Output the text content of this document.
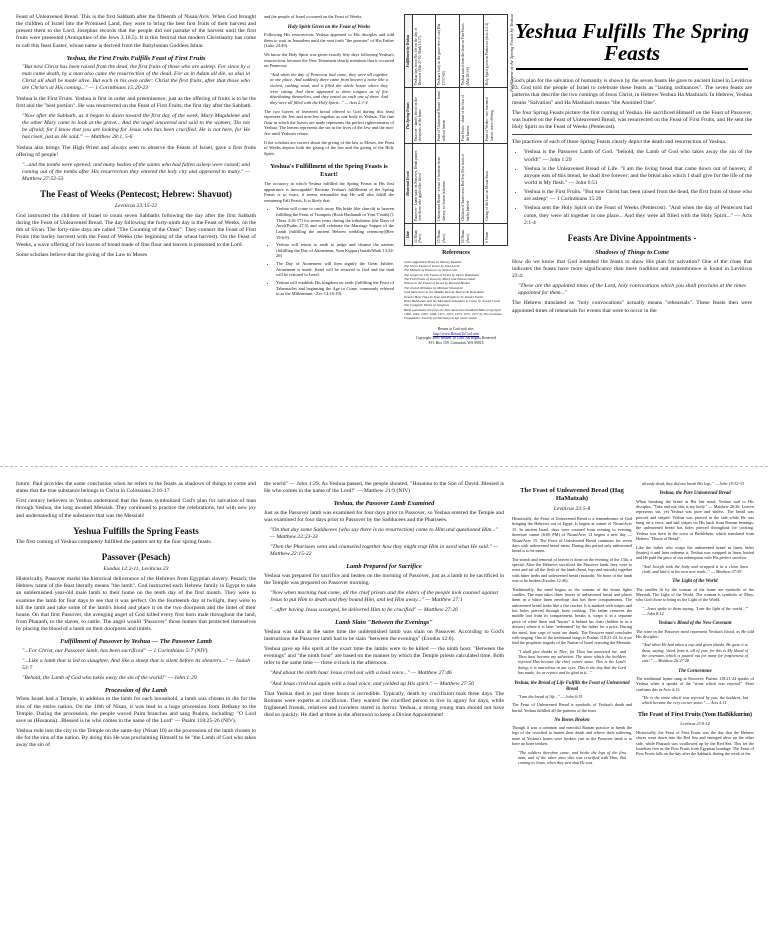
Feast of Unleavened Bread. This is the first Sabbath after the fifteenth of Nisan/Aviv. When God brought the children of Israel into the Promised Land, they were to bring the best first fruits of their harvest and present them to the Lord. Josephus records that the people did not partake of the harvest until the first fruits were presented (Antiquities of the Jews 3.10.5). It is this festival that modern Christianity has come to call this feast Easter, whose name is derived from the Babylonian Goddess Ishtar.

Yeshua, the First Fruits Fulfills Feast of First Fruits

"But now Christ has been raised from the dead, the first fruits of those who are asleep. For since by a man came death, by a man also came the resurrection of the dead. For as in Adam all die, so also in Christ all shall be made alive. But each in his own order: Christ the first fruits, after that those who are Christ's at His coming..." — 1 Corinthians 15:20-23

Yeshua is the First Fruits. Yeshua is first in order and preeminence, just as the offering of fruits is to be the first and the "best portion". He was resurrected on the Feast of First Fruits, the first day after the Sabbath.

"Now after the Sabbath, as it began to dawn toward the first day of the week, Mary Magdalene and the other Mary came to look at the grave... And the angel answered and said to the women, 'Do not be afraid; for I know that you are looking for Jesus who has been crucified. He is not here, for He has risen, just as He said.'" — Matthew 28:1, 5-6

Yeshua also brings The High Priest and always seen to observe the Feasts of Israel, gave a first fruits offering of people!

"...and the tombs were opened; and many bodies of the saints who had fallen asleep were raised; and coming out of the tombs after His resurrection they entered the holy city and appeared to many." — Matthew 27:52-53

The Feast of Weeks (Pentecost; Hebrew: Shavuot)
Leviticus 23:15-22

God instructed the children of Israel to count seven Sabbaths following the day after the first Sabbath during the Feast of Unleavened Bread. The day following the forty-ninth day is the Feast of Weeks, on the 6th of Sivan. The forty-nine days are called "The Counting of the Omer". They connect the Feast of First Fruits (the barley harvest) with the Feast of Weeks (the beginning of the wheat harvest). On the Feast of Weeks, a wave offering of two loaves of bread made of fine flour and leaven is presented to the Lord.

Some scholars believe that the giving of the Law to Moses

and the people of Israel occurred on the Feast of Weeks.

Holy Spirit Given on the Feast of Weeks

Following His resurrection, Yeshua appeared to His disciples and told them to wait in Jerusalem until the sent forth "the promise" of His Father (Luke 24:49).

We know the Holy Spirit was given exactly fifty days following Yeshua's resurrection, because the New Testament clearly mentions that it occurred on Pentecost:

"And when the day of Pentecost had come, they were all together in one place. And suddenly there came from heaven a noise like a violent, rushing wind, and it filled the whole house where they were sitting. And there appeared to them tongues as of fire distributing themselves, and they rested on each one of them. And they were all filled with the Holy Spirit..." — Acts 2:1-4

The two loaves of leavened bread offered to God during this feast represent the Jew and non-Jew together as one body in Yeshua. The fine flour in which the loaves are made represents the perfect righteousness of Yeshua. The leaven represents the sin in the lives of the Jew and the non-Jew until Yeshua's return.

If the scholars are correct about the giving of the law to Moses, the Feast of Weeks depicts both the giving of the law and the giving of the Holy Spirit.

Yeshua's Fulfillment of the Spring Feasts is Exact!

The accuracy in which Yeshua fulfilled the Spring Feasts at His first appearance is inescapable! Because Yeshua's fulfillment of the Spring Feasts is so exact, it seems reasonable that He will also fulfill the remaining Fall Feasts. It is likely that:

• Yeshua will come to catch away His bride (the church) to heaven fulfilling the Feast of Trumpets (Rosh Hashanah or Yom T'ruah) (1 Thess 4:16-17) for seven years during the tribulation (the Days of Awe)(Psalm 27:5) and will celebrate the Marriage Supper of the Lamb (fulfilling the ancient Hebrew wedding ceremony)(Rev 19:6-9).
• Yeshua will return to earth to judge and cleanse the nations (fulfilling the Day of Atonement, Yom Kippur) Isaiah/Mark 13:24-26)
• The Day of Atonement will then signify the Great Jubilee. Atonement is made. Israel will be restored to God and the land will be restored to Israel.
• Yeshua will establish His kingdom on earth (fulfilling the Feast of Tabernacles and beginning the Age to Come, commonly referred to as the Millennium - Zec 14:16-19).
Fulfillment of the Spring Feasts by Yeshua
Date	Historical Event	The Spring Feasts	Fulfillment by Yeshua
14 Nisan (Aviv)	Passover - Lamb slain on Passover, Death passes over those who applied the blood	Passover - lamb's blood on the doorposts of the home	Yeshua lays down His life on the day of Passover (Mat 27:50, Mark 15:37)
15 Nisan (Aviv)	Unleavened Bread - a feast of freedom from slavery, no leaven in homes	Feast of Unleavened Bread - bread without leaven	Yeshua's body in the grave free of sin (Mat 27:57-60)
16 Nisan (Aviv)	Children of Israel cross Red Sea; First fruits of barley harvest	First Fruits - sheaf of the first of the harvest	Yeshua raised from the dead on First Fruits (Mat 28:1-6)
6 Sivan	Giving of the Law on Mount Sinai	Feast of Weeks - two leavened loaves, wave offering	Holy Spirit given on Pentecost (Acts 2:1-4)
References
God's Appointed Times by Barney Kasdan
The Seven Feasts of Israel by Zola Levitt
The Miracle of Passover by Zola Levitt
The Gospel in The Feasts of Israel by Victor Buksbazen
The Fall Feasts of Israel by Mitch and Zhava Glaser
Yeshua in the Feasts of Israel by Richard Booker
The Jewish Holidays by Michael Strassfeld
God Intervenes in the Middle East by Marvin R. Rosenthal
Israel's Holy Days In Type and Prophecy by Daniel Fuchs
Rosh HaShanah and the Messianic Kingdom to Come by Joseph Good
The Complete Works of Josephus
Bible quotations are from the New American Standard Bible (copyright 1960, 1962, 1963, 1968, 1971, 1972, 1973, 1975, 1977 by The Lockman Foundation. Used by permission) except where noted.
Return to God web site:
http://www.ReturnToGod.com
Copyright 2001 Return To God. All Rights Reserved
P.O. Box 159, Carnation, WA 98014
Yeshua Fulfills The Spring Feasts

God's plan for the salvation of humanity is shown by the seven feasts He gave to ancient Israel in Leviticus 23. God told the people of Israel to celebrate these feasts as "lasting ordinances". The seven feasts are patterns that describe the two comings of Jesus Christ, in Hebrew Yeshua Ha Mashiach. In Hebrew, Yeshua means "Salvation" and Ha Mashiach means "the Anointed One".

The four Spring Feasts picture the first coming of Yeshua. He sacrificed Himself on the Feast of Passover, was buried on the Feast of Unleavened Bread, was resurrected on the Feast of First Fruits, and He sent the Holy Spirit on the Feast of Weeks (Pentecost).

The practices of each of these Spring Feasts clearly depict the death and resurrection of Yeshua.

• Yeshua is the Passover Lamb of God. "behold, the Lamb of God who takes away the sin of the world!" — John 1:29
• Yeshua is the Unleavened Bread of Life. "I am the living bread that came down out of heaven; if anyone eats of this bread, he shall live forever; and the bread also which I shall give for the life of the world is My flesh." — John 6:51
• Yeshua is the First Fruits. "But now Christ has been raised from the dead, the first fruits of those who are asleep" — 1 Corinthians 15:20
• Yeshua sent the Holy Spirit on the Feast of Weeks (Pentecost). "And when the day of Pentecost had come, they were all together in one place... And they were all filled with the Holy Spirit..." — Acts 2:1-4
Feasts Are Divine Appointments -
Shadows of Things to Come

How do we know that God intended the feasts to show His plan for salvation? One of the clues that indicates the feasts have more significance than mere tradition and remembrance is found in Leviticus 23:4:

"These are the appointed times of the Lord, holy convocations which you shall proclaim at the times appointed for them..."

The Hebrew translated as "holy convocations" actually means "rehearsals". These feasts then were appointed times of rehearsals for events that were to occur in the

future. Paul provides the same conclusion when he refers to the feasts as shadows of things to come and states that the true substance belongs to Christ in Colossians 2:16-17.

First century believers in Yeshua understood that the feasts symbolized God's plan for salvation of man through Yeshua, the long awaited Messiah. They continued to practice the celebrations, but with new joy and understanding of the substance that was the Messiah!

Yeshua Fulfills the Spring Feasts

The first coming of Yeshua completely fulfilled the pattern set by the four spring feasts.

Passover (Pesach)
Exodus 12:2-11, Leviticus 23

Historically, Passover marks the historical deliverance of the Hebrews from Egyptian slavery. Pesach, the Hebrew name of the feast literally means "the lamb". God instructed each Hebrew family in Egypt to take an unblemished year-old male lamb to their home on the tenth day of the first month. They were to examine the lamb for four days to see that it was perfect. On the fourteenth day at twilight, they were to kill the lamb and take some of the lamb's blood and place it on the two doorposts and the lintel of their house. On that first Passover, the avenging angel of God killed every first born male throughout the land, from Pharaoh, to the slaves, to cattle. The angel would "Passover" those homes that protected themselves by placing the blood of a lamb on their doorposts and lintels.

Fulfillment of Passover by Yeshua — The Passover Lamb

"...For Christ, our Passover lamb, has been sacrificed" — 1 Corinthians 5:7 (NIV).

"...Like a lamb that is led to slaughter, And like a sheep that is silent before its shearers..." — Isaiah 53:7

"Behold, the Lamb of God who takes away the sin of the world!" — John 1:29

Procession of the Lamb

When Israel had a Temple, in addition to the lamb for each household, a lamb was chosen to die for the sins of the entire nation. On the 10th of Nisan, it was lead in a huge procession from Bethany to the Temple. During the procession, the people waved Palm branches and sang Psalms, including: "O Lord save us (Hosanna)...Blessed is he who comes in the name of the Lord" — Psalm 118:25-26 (NIV).

Yeshua rode into the city to the Temple on the same day (Nisan 10) as the procession of the lamb chosen to die for the sins of the nation. By doing this He was proclaiming Himself to be "the Lamb of God who takes away the sin of

the world" — John 1:29. As Yeshua passed, the people shouted, "Hosanna to the Son of David. Blessed is He who comes in the name of the Lord!" — Matthew 21:9 (NIV)

Yeshua, the Passover Lamb Examined

Just as the Passover lamb was examined for four days prior to Passover, so Yeshua entered the Temple and was examined for four days prior to Passover by the Sadducees and the Pharisees.

"On that day some Sadducees (who say there is no resurrection) came to Him and questioned Him..." — Matthew 22:23-33

"Then the Pharisees went and counseled together how they might trap Him in word what He said." — Matthew 22:15-22

Lamb Prepared for Sacrifice

Yeshua was prepared for sacrifice and beaten on the morning of Passover, just as a lamb to be sacrificed in the Temple was prepared on Passover morning.

"Now when morning had come, all the chief priests and the elders of the people took counsel against Jesus to put Him to death and they bound Him, and led Him away..." — Matthew 27:1

"...after having Jesus scourged, he delivered Him to be crucified" — Matthew 27:26

Lamb Slain "Between the Evenings"

Yeshua was slain at the same time the unblemished lamb was slain on Passover. According to God's instructions the Passover lamb had to be slain "between the evenings" (Exodus 12:6).

Yeshua gave up His spirit at the exact time the lambs were to be killed — the ninth hour. "Between the evenings" and "the ninth hour" are based on the manner by which the Temple priests calculated time. Both refer to the same time — three o'clock in the afternoon.

"And about the ninth hour Jesus cried out with a loud voice..." — Matthew 27:46

"And Jesus cried out again with a loud voice, and yielded up His spirit." — Matthew 27:50

That Yeshua died in just three hours is incredible. Typically, death by crucifixion took three days. The Romans were experts at crucifixion. They wanted the crucified person to live in agony for days, while frightened friends, relatives and travelers stared in horror. Yeshua, a strong young man should not have died so quickly. He died at three in the afternoon to keep a Divine Appointment!

The Feast of Unleavened Bread (Hag HaMatzah)
Leviticus 23:5-8

Historically, the Feast of Unleavened Bread is a remembrance of God bringing the Hebrews out of Egypt. It begins at sunset of Nisan/Aviv 15. In ancient Israel, days were counted from evening to evening, therefore sunset (6:00 PM) of Nisan/Aviv 14 begins a new day — Nisan/Aviv 15. The Feast of Unleavened Bread continues for seven days with unleavened bread eaten. During this period only unleavened bread is to be eaten.

The search and removal of leaven is done on the evening of the 13th, a special. After the Hebrews sacrificed the Passover lamb, they were to roast and eat all the flesh of the lamb (head, legs and entrails) together with bitter herbs and unleavened bread (matzah). No bone of the lamb was to be broken (Exodus 12:46).

Traditionally, the meal begins as the woman of the house lights candles. The man takes three loaves of unleavened bread and places them in a white linen envelope that has three compartments. The unleavened bread looks like a flat cracker. It is marked with stripes and has holes pierced through from cooking. The father removes the middle loaf from its compartment, breaks it, wraps it in a separate piece of white linen and "buries" it behind his chair (hidden or in a drawer) where it is later "redeemed" by the father for a price. During the meal, four cups of wine are drunk. The Passover meal concludes with singing. One of the traditional songs is Psalms 118:21-24. In it we find the prophetic tragedy of the Nation of Israel rejecting the Messiah:

"I shall give thanks to Thee, for Thou has answered me; and Thou hast become my salvation. The stone which the builders rejected Has become the chief corner stone. This is the Lord's doing; it is marvelous in our eyes. This is the day that the Lord has made; let us rejoice and be glad in it..."

Yeshua, the Bread of Life Fulfills the Feast of Unleavened Bread

"I am the bread of life..." — John 6:35

The Feast of Unleavened Bread is symbolic of Yeshua's death and burial. Yeshua fulfilled all the patterns of the feast.

No Bones Broken

Though it was a common and merciful Roman practice to break the legs of the crucified to hasten their death and relieve their suffering, none of Yeshua's bones were broken, just as the Passover lamb is to have no bone broken.

"The soldiers therefore came, and broke the legs of the first man, and of the other man who was crucified with Him; But coming to Jesus, when they saw that He was

already dead, they did not break His legs." — John 19:32-33

Yeshua, the Pure Unleavened Bread

When breaking the bread at His last meal, Yeshua said to His disciples, "Take and eat; this is my body." — Matthew 26:26. Leaven represents sin, yet Yeshua was pure and sinless. The bread was pierced and striped. Yeshua was pierced in the side while He was hung on a cross, and had stripes on His back from Roman beatings; the unleavened bread has holes pierced throughout for cooking. Yeshua was born in the town of Bethlehem, which translated from Hebrew "House of Bread".

Like the father who wraps the unleavened bread in linen, hides (buries) it and later redeems it, Yeshua was wrapped in linen, buried and He paid the price of our redemption with His perfect sacrifice.

"And Joseph took the body and wrapped it in a clean linen cloth, and laid it in his own new tomb..." — Matthew 27:59

The Light of the World

The candles lit by the woman of the home are symbolic of the Messiah, The Light of the World. The woman is symbolic of Mary, who God chose to bring us the Light of the World.

"...Jesus spoke to them saying, 'I am the light of the world...'" — John 8:12

Yeshua's Blood of the New Covenant

The wine in the Passover meal represents Yeshua's blood, as He told His disciples:

"And when He had taken a cup and given thanks, He gave it to them, saying, 'drink from it, all of you; for this is My blood of the covenant, which is poured out for many for forgiveness of sins'." — Matthew 26:27-28

The Cornerstone

The traditional hymn sung at Passover, Psalms 118:21-24 speaks of Yeshua when it speaks of the "stone which was rejected". Peter confirms this in Acts 4:11:

"He is the stone which was rejected by you, the builders, but which became the very corner stone." — Acts 4:11

The Feast of First Fruits (Yom HaBikkurim)
Leviticus 23:9-14

Historically, the Feast of First Fruits was the day that the Hebrew slaves went down into the Red Sea and emerged alive on the other side, while Pharaoh was swallowed up by the Red Sea. This set the Israelites free as the First Fruits from Egyptian bondage. The Feast of First Fruits falls on the day after the Sabbath, during the week of the
